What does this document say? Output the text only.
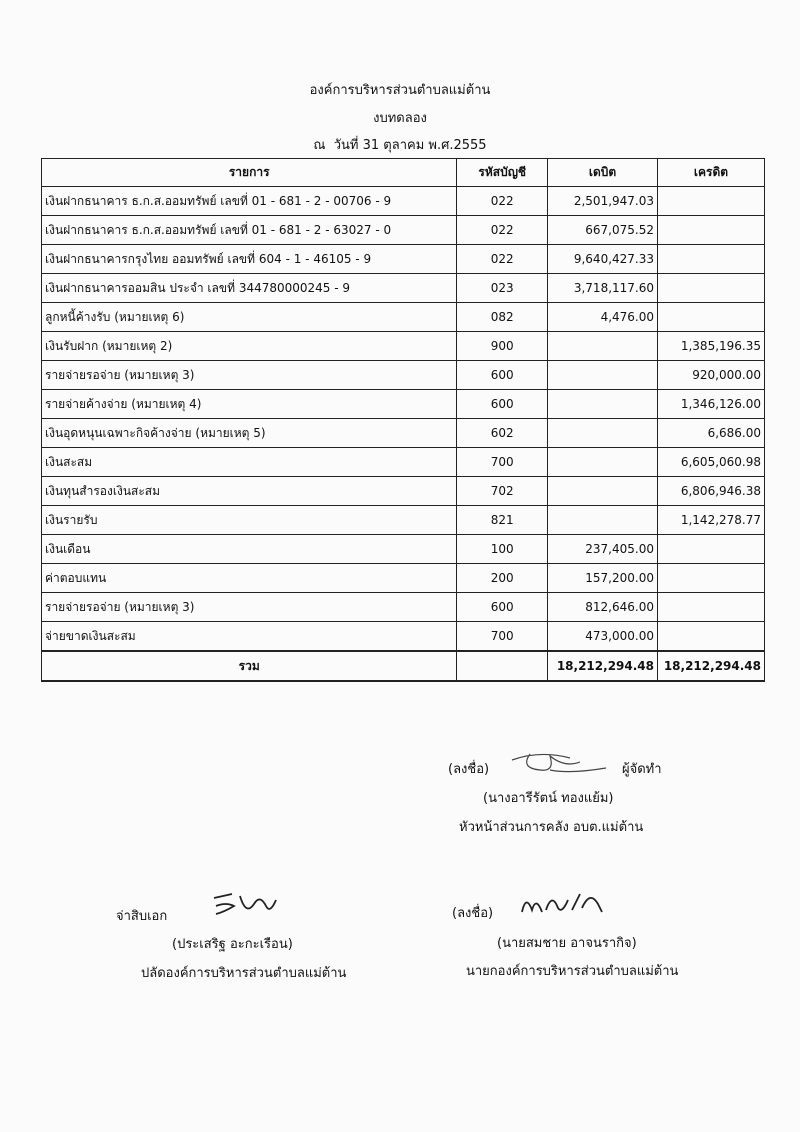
องค์การบริหารส่วนตำบลแม่ต้าน
งบทดลอง
ณ วันที่ 31 ตุลาคม พ.ศ.2555
รายการ	รหัสบัญชี	เดบิต	เครดิต
เงินฝากธนาคาร ธ.ก.ส.ออมทรัพย์ เลขที่ 01 - 681 - 2 - 00706 - 9	022	2,501,947.03	
เงินฝากธนาคาร ธ.ก.ส.ออมทรัพย์ เลขที่ 01 - 681 - 2 - 63027 - 0	022	667,075.52	
เงินฝากธนาคารกรุงไทย ออมทรัพย์ เลขที่ 604 - 1 - 46105 - 9	022	9,640,427.33	
เงินฝากธนาคารออมสิน ประจำ เลขที่ 344780000245 - 9	023	3,718,117.60	
ลูกหนี้ค้างรับ (หมายเหตุ 6)	082	4,476.00	
เงินรับฝาก (หมายเหตุ 2)	900		1,385,196.35
รายจ่ายรอจ่าย (หมายเหตุ 3)	600		920,000.00
รายจ่ายค้างจ่าย (หมายเหตุ 4)	600		1,346,126.00
เงินอุดหนุนเฉพาะกิจค้างจ่าย (หมายเหตุ 5)	602		6,686.00
เงินสะสม	700		6,605,060.98
เงินทุนสำรองเงินสะสม	702		6,806,946.38
เงินรายรับ	821		1,142,278.77
เงินเดือน	100	237,405.00	
ค่าตอบแทน	200	157,200.00	
รายจ่ายรอจ่าย (หมายเหตุ 3)	600	812,646.00	
จ่ายขาดเงินสะสม	700	473,000.00	
รวม		18,212,294.48	18,212,294.48
(ลงชื่อ)	ผู้จัดทำ
(นางอารีรัตน์ ทองแย้ม)
หัวหน้าส่วนการคลัง อบต.แม่ต้าน
จ่าสิบเอก
(ประเสริฐ อะกะเรือน)
ปลัดองค์การบริหารส่วนตำบลแม่ต้าน
(ลงชื่อ)
(นายสมชาย อาจนรากิจ)
นายกองค์การบริหารส่วนตำบลแม่ต้าน
